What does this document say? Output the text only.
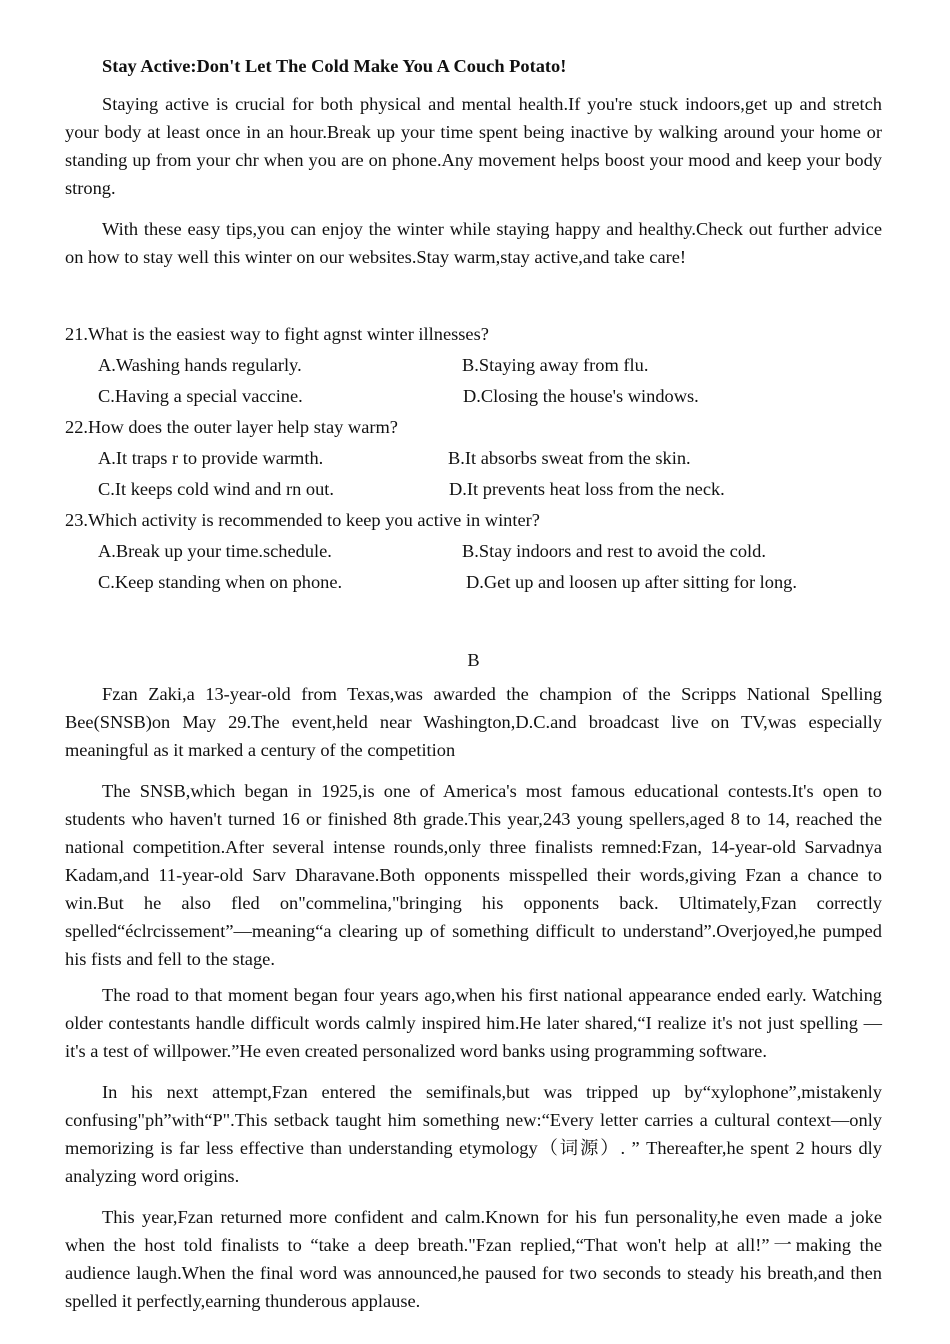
Stay Active:Don't Let The Cold Make You A Couch Potato!

Staying active is crucial for both physical and mental health.If you're stuck indoors,get up and stretch your body at least once in an hour.Break up your time spent being inactive by walking around your home or standing up from your chr when you are on phone.Any movement helps boost your mood and keep your body strong.

With these easy tips,you can enjoy the winter while staying happy and healthy.Check out further advice on how to stay well this winter on our websites.Stay warm,stay active,and take care!

21.What is the easiest way to fight agnst winter illnesses?
A.Washing hands regularly.	B.Staying away from flu.
C.Having a special vaccine.	D.Closing the house's windows.
22.How does the outer layer help stay warm?
A.It traps r to provide warmth.	B.It absorbs sweat from the skin.
C.It keeps cold wind and rn out.	D.It prevents heat loss from the neck.
23.Which activity is recommended to keep you active in winter?
A.Break up your time.schedule.	B.Stay indoors and rest to avoid the cold.
C.Keep standing when on phone.	D.Get up and loosen up after sitting for long.
B

Fzan Zaki,a 13-year-old from Texas,was awarded the champion of the Scripps National Spelling Bee(SNSB)on May 29.The event,held near Washington,D.C.and broadcast live on TV,was especially meaningful as it marked a century of the competition

The SNSB,which began in 1925,is one of America's most famous educational contests.It's open to students who haven't turned 16 or finished 8th grade.This year,243 young spellers,aged 8 to 14, reached the national competition.After several intense rounds,only three finalists remned:Fzan, 14-year-old Sarvadnya Kadam,and 11-year-old Sarv Dharavane.Both opponents misspelled their words,giving Fzan a chance to win.But he also fled on"commelina,"bringing his opponents back. Ultimately,Fzan correctly spelled“éclrcissement”—meaning“a clearing up of something difficult to understand”.Overjoyed,he pumped his fists and fell to the stage.

The road to that moment began four years ago,when his first national appearance ended early. Watching older contestants handle difficult words calmly inspired him.He later shared,“I realize it's not just spelling —it's a test of willpower.”He even created personalized word banks using programming software.

In his next attempt,Fzan entered the semifinals,but was tripped up by“xylophone”,mistakenly confusing"ph”with“P".This setback taught him something new:“Every letter carries a cultural context—only memorizing is far less effective than understanding etymology（词源）. ” Thereafter,he spent 2 hours dly analyzing word origins.

This year,Fzan returned more confident and calm.Known for his fun personality,he even made a joke when the host told finalists to “take a deep breath."Fzan replied,“That won't help at all!”一making the audience laugh.When the final word was announced,he paused for two seconds to steady his breath,and then spelled it perfectly,earning thunderous applause.
